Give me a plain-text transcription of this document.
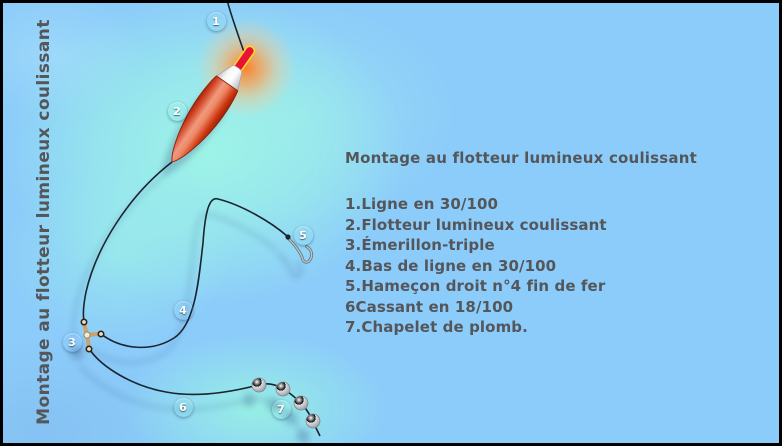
Montage au flotteur lumineux coulissant	Montage au flotteur lumineux coulissant
1.Ligne en 30/100
2.Flotteur lumineux coulissant
3.Émerillon-triple
4.Bas de ligne en 30/100
5.Hameçon droit n°4 fin de fer
6Cassant en 18/100
7.Chapelet de plomb.
1
2
3
4
5
6	7
